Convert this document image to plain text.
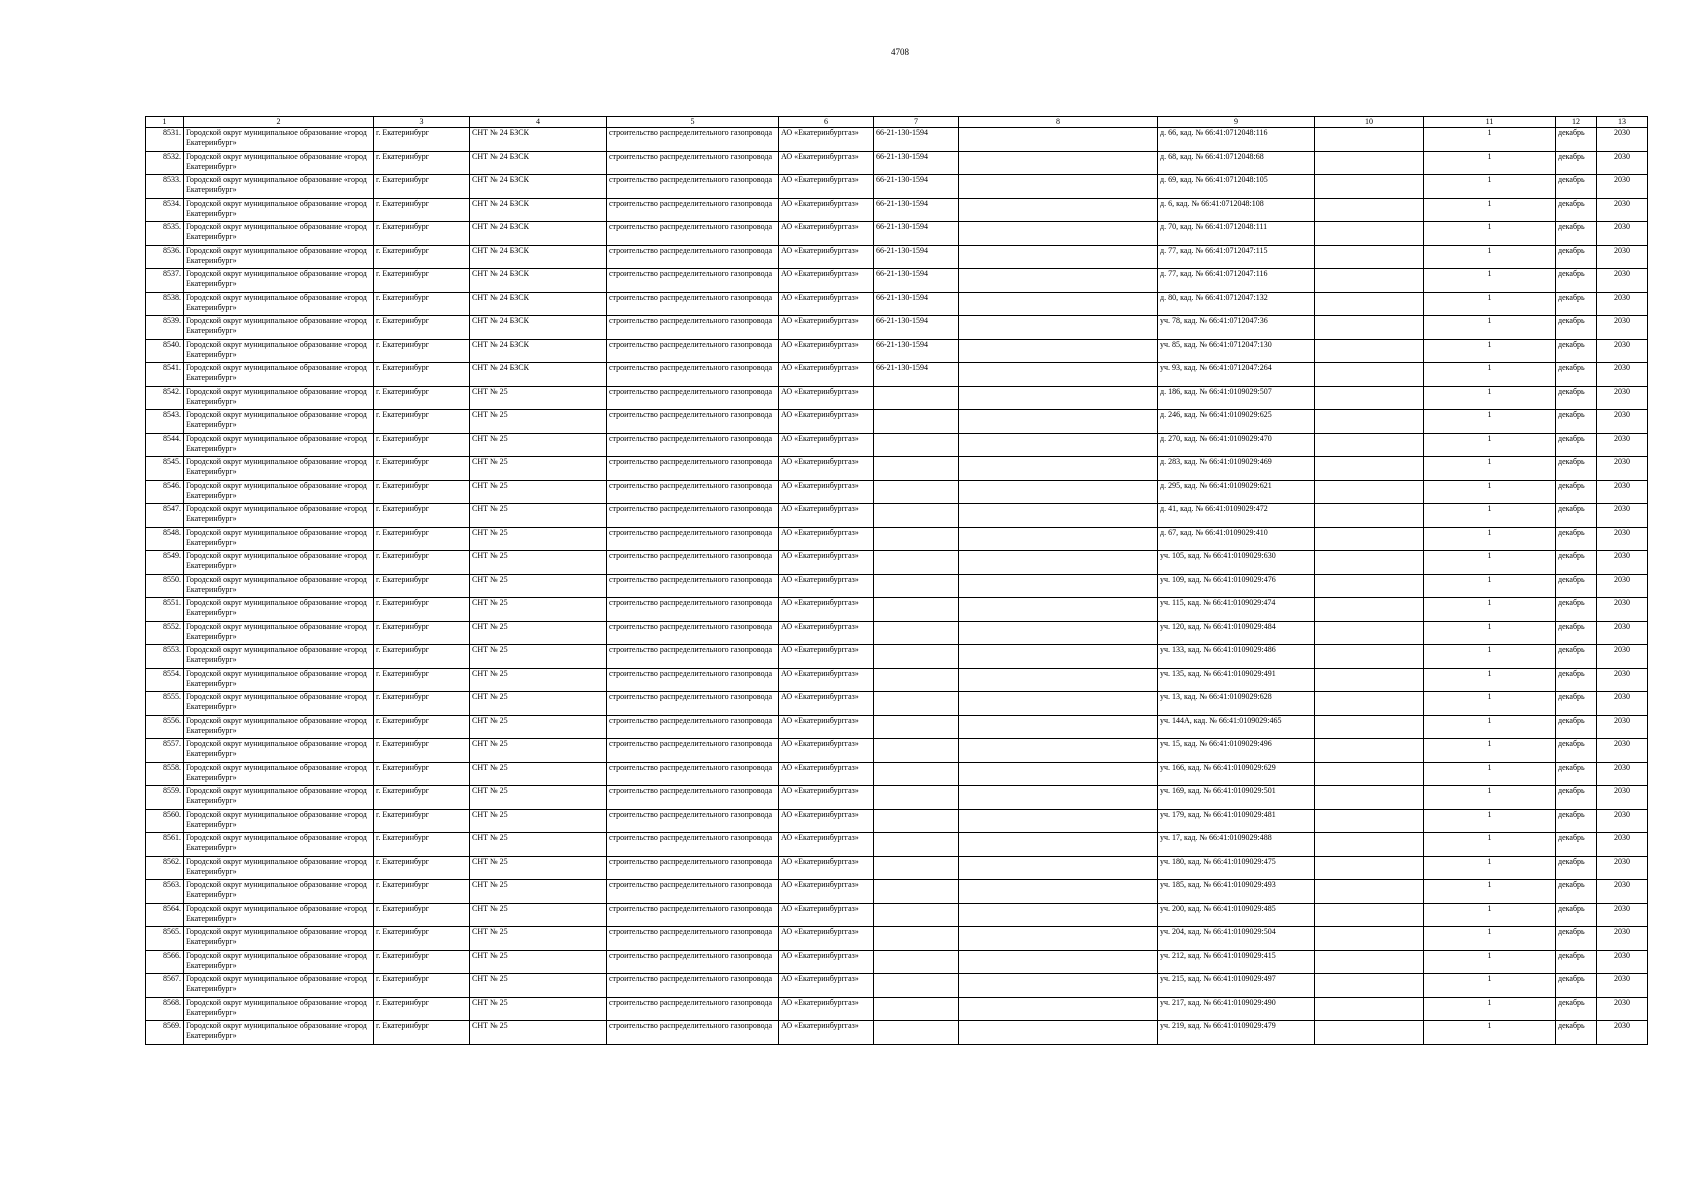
4708
1	2	3	4	5	6	7	8	9	10	11	12	13
8531.	Городской округ муниципальное образование «город Екатеринбург»	г. Екатеринбург	СНТ № 24 БЗСК	строительство распределительного газопровода	АО «Екатеринбурггаз»	66-21-130-1594		д. 66, кад. № 66:41:0712048:116		1	декабрь	2030
8532.	Городской округ муниципальное образование «город Екатеринбург»	г. Екатеринбург	СНТ № 24 БЗСК	строительство распределительного газопровода	АО «Екатеринбурггаз»	66-21-130-1594		д. 68, кад. № 66:41:0712048:68		1	декабрь	2030
8533.	Городской округ муниципальное образование «город Екатеринбург»	г. Екатеринбург	СНТ № 24 БЗСК	строительство распределительного газопровода	АО «Екатеринбурггаз»	66-21-130-1594		д. 69, кад. № 66:41:0712048:105		1	декабрь	2030
8534.	Городской округ муниципальное образование «город Екатеринбург»	г. Екатеринбург	СНТ № 24 БЗСК	строительство распределительного газопровода	АО «Екатеринбурггаз»	66-21-130-1594		д. 6, кад. № 66:41:0712048:108		1	декабрь	2030
8535.	Городской округ муниципальное образование «город Екатеринбург»	г. Екатеринбург	СНТ № 24 БЗСК	строительство распределительного газопровода	АО «Екатеринбурггаз»	66-21-130-1594		д. 70, кад. № 66:41:0712048:111		1	декабрь	2030
8536.	Городской округ муниципальное образование «город Екатеринбург»	г. Екатеринбург	СНТ № 24 БЗСК	строительство распределительного газопровода	АО «Екатеринбурггаз»	66-21-130-1594		д. 77, кад. № 66:41:0712047:115		1	декабрь	2030
8537.	Городской округ муниципальное образование «город Екатеринбург»	г. Екатеринбург	СНТ № 24 БЗСК	строительство распределительного газопровода	АО «Екатеринбурггаз»	66-21-130-1594		д. 77, кад. № 66:41:0712047:116		1	декабрь	2030
8538.	Городской округ муниципальное образование «город Екатеринбург»	г. Екатеринбург	СНТ № 24 БЗСК	строительство распределительного газопровода	АО «Екатеринбурггаз»	66-21-130-1594		д. 80, кад. № 66:41:0712047:132		1	декабрь	2030
8539.	Городской округ муниципальное образование «город Екатеринбург»	г. Екатеринбург	СНТ № 24 БЗСК	строительство распределительного газопровода	АО «Екатеринбурггаз»	66-21-130-1594		уч. 78, кад. № 66:41:0712047:36		1	декабрь	2030
8540.	Городской округ муниципальное образование «город Екатеринбург»	г. Екатеринбург	СНТ № 24 БЗСК	строительство распределительного газопровода	АО «Екатеринбурггаз»	66-21-130-1594		уч. 85, кад. № 66:41:0712047:130		1	декабрь	2030
8541.	Городской округ муниципальное образование «город Екатеринбург»	г. Екатеринбург	СНТ № 24 БЗСК	строительство распределительного газопровода	АО «Екатеринбурггаз»	66-21-130-1594		уч. 93, кад. № 66:41:0712047:264		1	декабрь	2030
8542.	Городской округ муниципальное образование «город Екатеринбург»	г. Екатеринбург	СНТ № 25	строительство распределительного газопровода	АО «Екатеринбурггаз»			д. 186, кад. № 66:41:0109029:507		1	декабрь	2030
8543.	Городской округ муниципальное образование «город Екатеринбург»	г. Екатеринбург	СНТ № 25	строительство распределительного газопровода	АО «Екатеринбурггаз»			д. 246, кад. № 66:41:0109029:625		1	декабрь	2030
8544.	Городской округ муниципальное образование «город Екатеринбург»	г. Екатеринбург	СНТ № 25	строительство распределительного газопровода	АО «Екатеринбурггаз»			д. 270, кад. № 66:41:0109029:470		1	декабрь	2030
8545.	Городской округ муниципальное образование «город Екатеринбург»	г. Екатеринбург	СНТ № 25	строительство распределительного газопровода	АО «Екатеринбурггаз»			д. 283, кад. № 66:41:0109029:469		1	декабрь	2030
8546.	Городской округ муниципальное образование «город Екатеринбург»	г. Екатеринбург	СНТ № 25	строительство распределительного газопровода	АО «Екатеринбурггаз»			д. 295, кад. № 66:41:0109029:621		1	декабрь	2030
8547.	Городской округ муниципальное образование «город Екатеринбург»	г. Екатеринбург	СНТ № 25	строительство распределительного газопровода	АО «Екатеринбурггаз»			д. 41, кад. № 66:41:0109029:472		1	декабрь	2030
8548.	Городской округ муниципальное образование «город Екатеринбург»	г. Екатеринбург	СНТ № 25	строительство распределительного газопровода	АО «Екатеринбурггаз»			д. 67, кад. № 66:41:0109029:410		1	декабрь	2030
8549.	Городской округ муниципальное образование «город Екатеринбург»	г. Екатеринбург	СНТ № 25	строительство распределительного газопровода	АО «Екатеринбурггаз»			уч. 105, кад. № 66:41:0109029:630		1	декабрь	2030
8550.	Городской округ муниципальное образование «город Екатеринбург»	г. Екатеринбург	СНТ № 25	строительство распределительного газопровода	АО «Екатеринбурггаз»			уч. 109, кад. № 66:41:0109029:476		1	декабрь	2030
8551.	Городской округ муниципальное образование «город Екатеринбург»	г. Екатеринбург	СНТ № 25	строительство распределительного газопровода	АО «Екатеринбурггаз»			уч. 115, кад. № 66:41:0109029:474		1	декабрь	2030
8552.	Городской округ муниципальное образование «город Екатеринбург»	г. Екатеринбург	СНТ № 25	строительство распределительного газопровода	АО «Екатеринбурггаз»			уч. 120, кад. № 66:41:0109029:484		1	декабрь	2030
8553.	Городской округ муниципальное образование «город Екатеринбург»	г. Екатеринбург	СНТ № 25	строительство распределительного газопровода	АО «Екатеринбурггаз»			уч. 133, кад. № 66:41:0109029:486		1	декабрь	2030
8554.	Городской округ муниципальное образование «город Екатеринбург»	г. Екатеринбург	СНТ № 25	строительство распределительного газопровода	АО «Екатеринбурггаз»			уч. 135, кад. № 66:41:0109029:491		1	декабрь	2030
8555.	Городской округ муниципальное образование «город Екатеринбург»	г. Екатеринбург	СНТ № 25	строительство распределительного газопровода	АО «Екатеринбурггаз»			уч. 13, кад. № 66:41:0109029:628		1	декабрь	2030
8556.	Городской округ муниципальное образование «город Екатеринбург»	г. Екатеринбург	СНТ № 25	строительство распределительного газопровода	АО «Екатеринбурггаз»			уч. 144А, кад. № 66:41:0109029:465		1	декабрь	2030
8557.	Городской округ муниципальное образование «город Екатеринбург»	г. Екатеринбург	СНТ № 25	строительство распределительного газопровода	АО «Екатеринбурггаз»			уч. 15, кад. № 66:41:0109029:496		1	декабрь	2030
8558.	Городской округ муниципальное образование «город Екатеринбург»	г. Екатеринбург	СНТ № 25	строительство распределительного газопровода	АО «Екатеринбурггаз»			уч. 166, кад. № 66:41:0109029:629		1	декабрь	2030
8559.	Городской округ муниципальное образование «город Екатеринбург»	г. Екатеринбург	СНТ № 25	строительство распределительного газопровода	АО «Екатеринбурггаз»			уч. 169, кад. № 66:41:0109029:501		1	декабрь	2030
8560.	Городской округ муниципальное образование «город Екатеринбург»	г. Екатеринбург	СНТ № 25	строительство распределительного газопровода	АО «Екатеринбурггаз»			уч. 179, кад. № 66:41:0109029:481		1	декабрь	2030
8561.	Городской округ муниципальное образование «город Екатеринбург»	г. Екатеринбург	СНТ № 25	строительство распределительного газопровода	АО «Екатеринбурггаз»			уч. 17, кад. № 66:41:0109029:488		1	декабрь	2030
8562.	Городской округ муниципальное образование «город Екатеринбург»	г. Екатеринбург	СНТ № 25	строительство распределительного газопровода	АО «Екатеринбурггаз»			уч. 180, кад. № 66:41:0109029:475		1	декабрь	2030
8563.	Городской округ муниципальное образование «город Екатеринбург»	г. Екатеринбург	СНТ № 25	строительство распределительного газопровода	АО «Екатеринбурггаз»			уч. 185, кад. № 66:41:0109029:493		1	декабрь	2030
8564.	Городской округ муниципальное образование «город Екатеринбург»	г. Екатеринбург	СНТ № 25	строительство распределительного газопровода	АО «Екатеринбурггаз»			уч. 200, кад. № 66:41:0109029:485		1	декабрь	2030
8565.	Городской округ муниципальное образование «город Екатеринбург»	г. Екатеринбург	СНТ № 25	строительство распределительного газопровода	АО «Екатеринбурггаз»			уч. 204, кад. № 66:41:0109029:504		1	декабрь	2030
8566.	Городской округ муниципальное образование «город Екатеринбург»	г. Екатеринбург	СНТ № 25	строительство распределительного газопровода	АО «Екатеринбурггаз»			уч. 212, кад. № 66:41:0109029:415		1	декабрь	2030
8567.	Городской округ муниципальное образование «город Екатеринбург»	г. Екатеринбург	СНТ № 25	строительство распределительного газопровода	АО «Екатеринбурггаз»			уч. 215, кад. № 66:41:0109029:497		1	декабрь	2030
8568.	Городской округ муниципальное образование «город Екатеринбург»	г. Екатеринбург	СНТ № 25	строительство распределительного газопровода	АО «Екатеринбурггаз»			уч. 217, кад. № 66:41:0109029:490		1	декабрь	2030
8569.	Городской округ муниципальное образование «город Екатеринбург»	г. Екатеринбург	СНТ № 25	строительство распределительного газопровода	АО «Екатеринбурггаз»			уч. 219, кад. № 66:41:0109029:479		1	декабрь	2030
